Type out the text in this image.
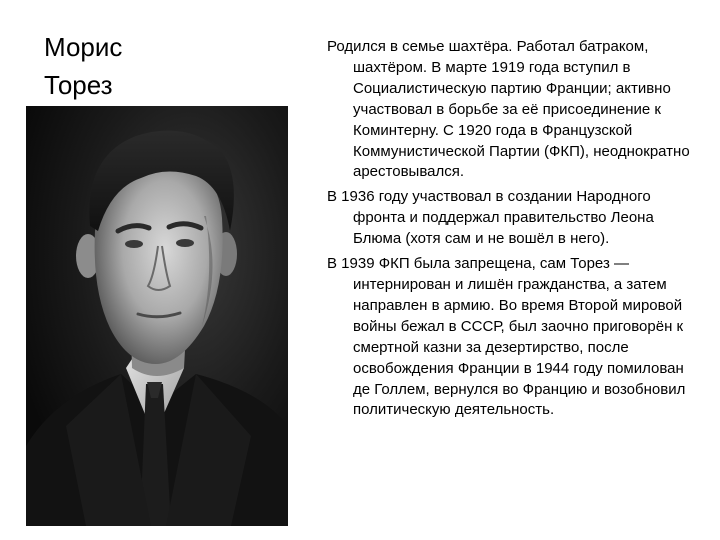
Морис
Торез

Родился в семье шахтёра. Работал батраком, шахтёром. В марте 1919 года вступил в Социалистическую партию Франции; активно участвовал в борьбе за её присоединение к Коминтерну. С 1920 года в Французской Коммунистической Партии (ФКП), неоднократно арестовывался.

В 1936 году участвовал в создании Народного фронта и поддержал правительство Леона Блюма (хотя сам и не вошёл в него).

В 1939 ФКП была запрещена, сам Торез — интернирован и лишён гражданства, а затем направлен в армию. Во время Второй мировой войны бежал в СССР, был заочно приговорён к смертной казни за дезертирство, после освобождения Франции в 1944 году помилован де Голлем, вернулся во Францию и возобновил политическую деятельность.
